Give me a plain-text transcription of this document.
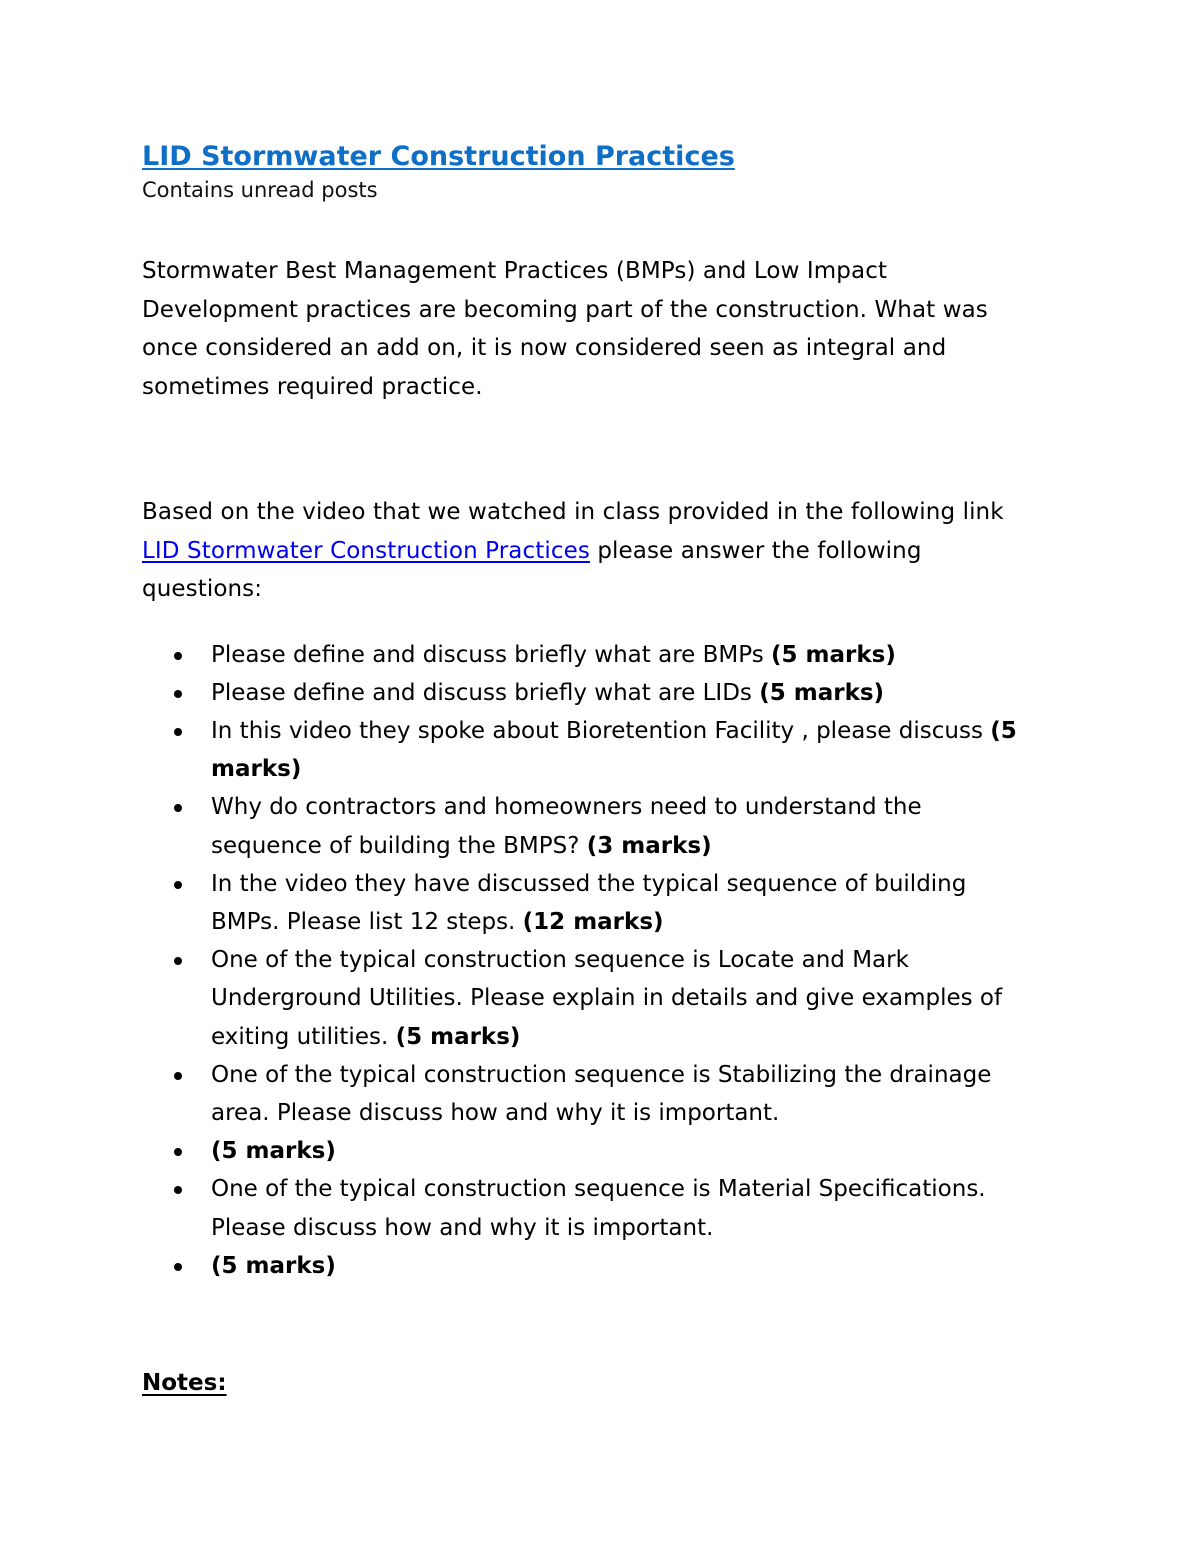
LID Stormwater Construction Practices

Contains unread posts

Stormwater Best Management Practices (BMPs) and Low Impact Development practices are becoming part of the construction. What was once considered an add on, it is now considered seen as integral and sometimes required practice.

Based on the video that we watched in class provided in the following link LID Stormwater Construction Practices please answer the following questions:

Please define and discuss briefly what are BMPs (5 marks)
Please define and discuss briefly what are LIDs (5 marks)
In this video they spoke about Bioretention Facility , please discuss (5 marks)
Why do contractors and homeowners need to understand the sequence of building the BMPS? (3 marks)
In the video they have discussed the typical sequence of building BMPs. Please list 12 steps. (12 marks)
One of the typical construction sequence is Locate and Mark Underground Utilities. Please explain in details and give examples of exiting utilities. (5 marks)
One of the typical construction sequence is Stabilizing the drainage area. Please discuss how and why it is important.
(5 marks)
One of the typical construction sequence is Material Specifications. Please discuss how and why it is important.
(5 marks)

Notes:
